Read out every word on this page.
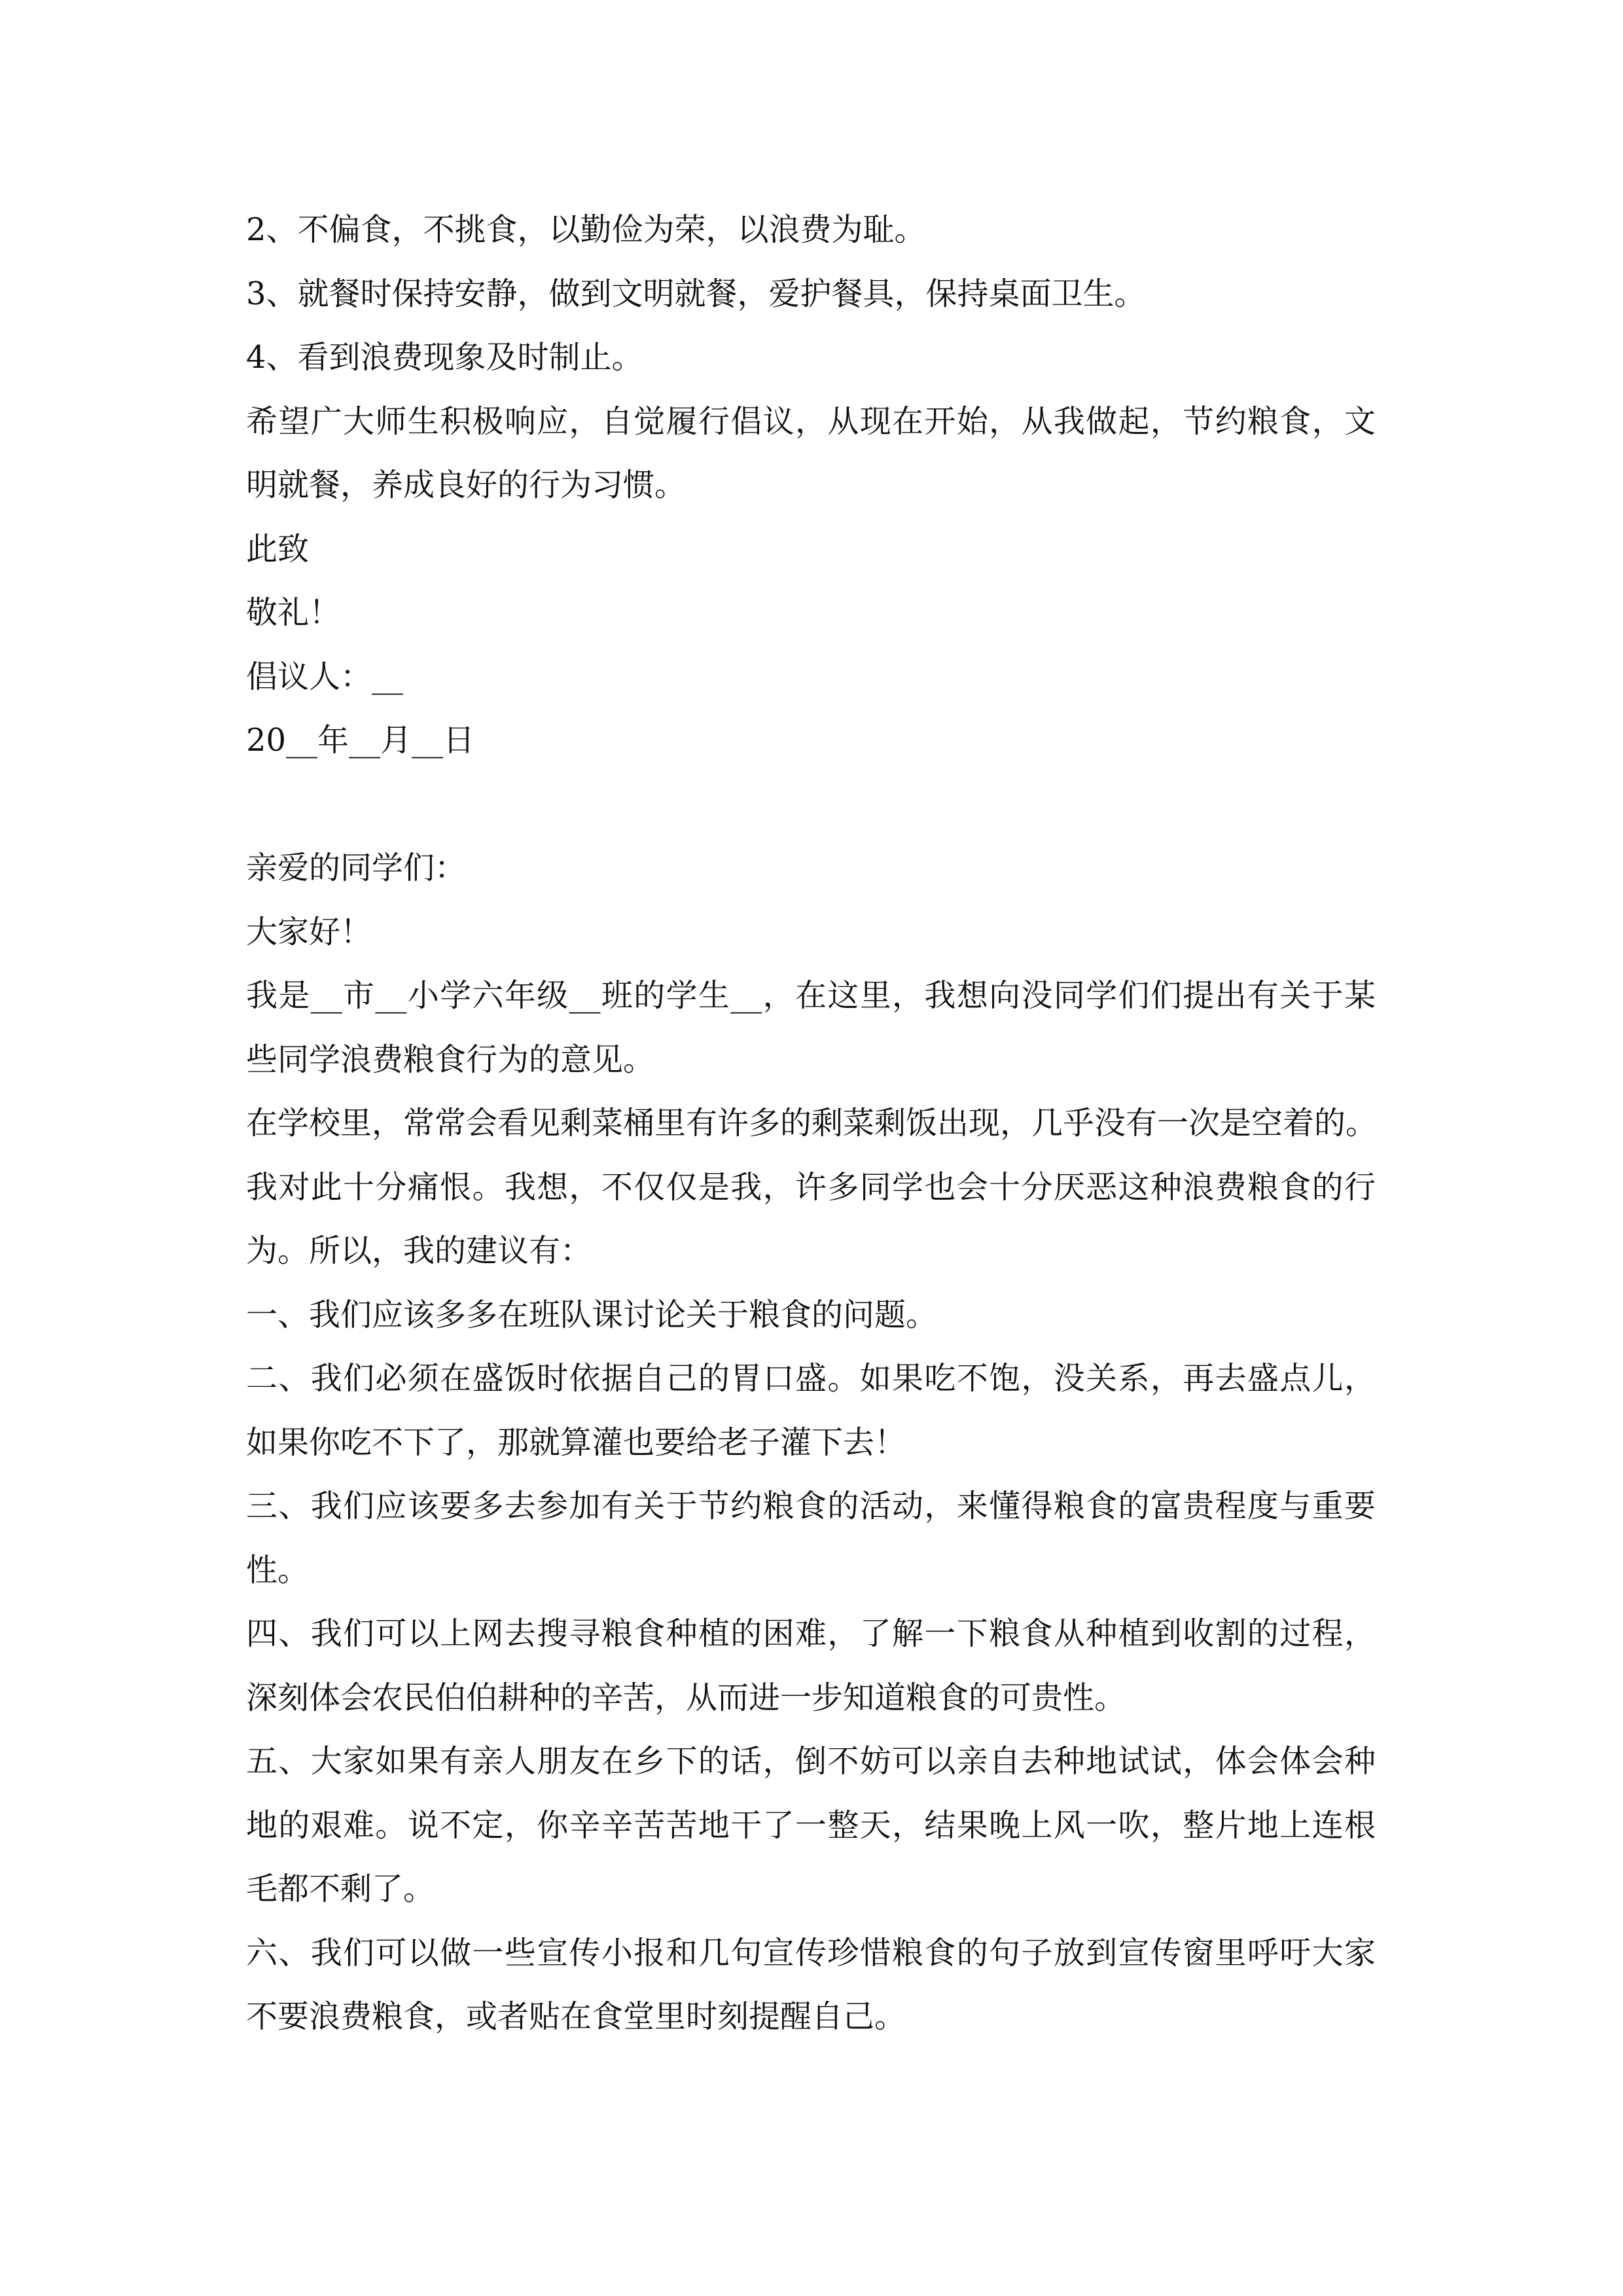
2、不偏食，不挑食，以勤俭为荣，以浪费为耻。
3、就餐时保持安静，做到文明就餐，爱护餐具，保持桌面卫生。
4、看到浪费现象及时制止。
希望广大师生积极响应，自觉履行倡议，从现在开始，从我做起，节约粮食，文
明就餐，养成良好的行为习惯。
此致
敬礼！
倡议人：__
20__年__月__日
亲爱的同学们：
大家好！
我是__市__小学六年级__班的学生__，在这里，我想向没同学们们提出有关于某
些同学浪费粮食行为的意见。
在学校里，常常会看见剩菜桶里有许多的剩菜剩饭出现，几乎没有一次是空着的。
我对此十分痛恨。我想，不仅仅是我，许多同学也会十分厌恶这种浪费粮食的行
为。所以，我的建议有：
一、我们应该多多在班队课讨论关于粮食的问题。
二、我们必须在盛饭时依据自己的胃口盛。如果吃不饱，没关系，再去盛点儿，
如果你吃不下了，那就算灌也要给老子灌下去！
三、我们应该要多去参加有关于节约粮食的活动，来懂得粮食的富贵程度与重要
性。
四、我们可以上网去搜寻粮食种植的困难，了解一下粮食从种植到收割的过程，
深刻体会农民伯伯耕种的辛苦，从而进一步知道粮食的可贵性。
五、大家如果有亲人朋友在乡下的话，倒不妨可以亲自去种地试试，体会体会种
地的艰难。说不定，你辛辛苦苦地干了一整天，结果晚上风一吹，整片地上连根
毛都不剩了。
六、我们可以做一些宣传小报和几句宣传珍惜粮食的句子放到宣传窗里呼吁大家
不要浪费粮食，或者贴在食堂里时刻提醒自己。
